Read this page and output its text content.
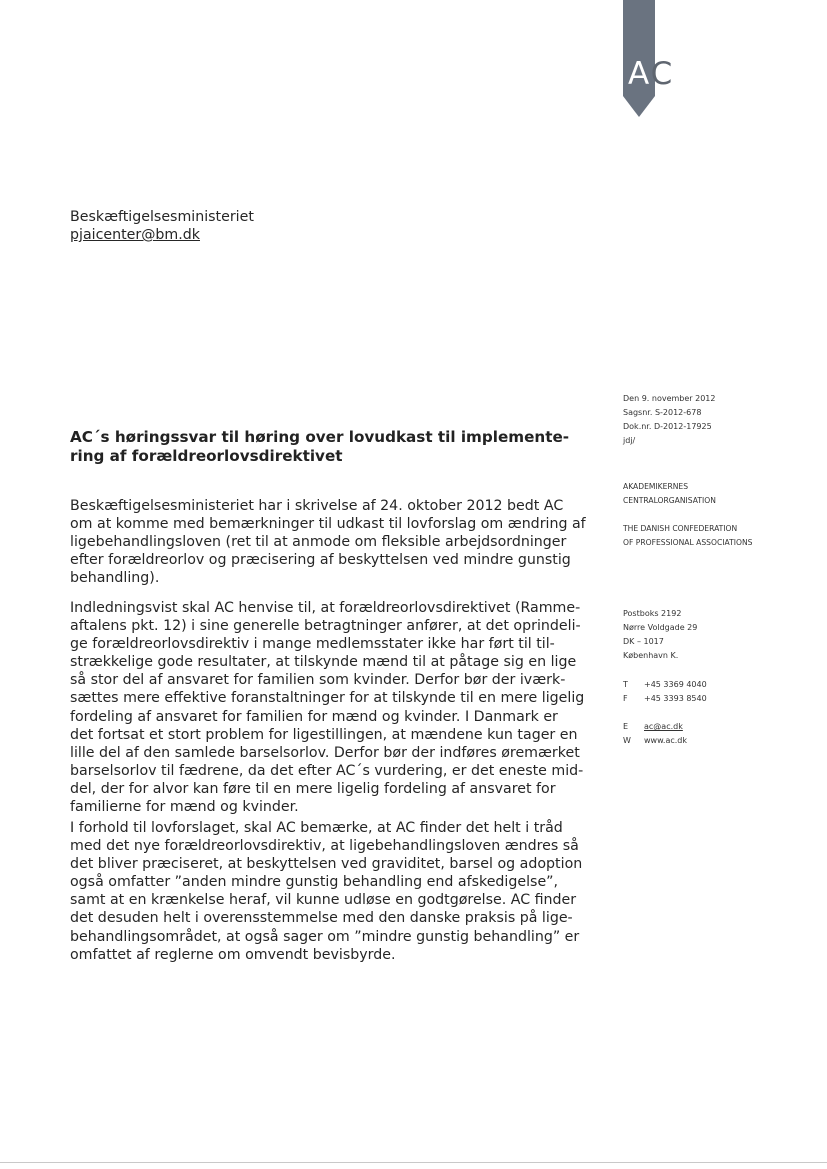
AC
Beskæftigelsesministeriet
pjaicenter@bm.dk
Den 9. november 2012
Sagsnr. S-2012-678
Dok.nr. D-2012-17925
jdj/
AKADEMIKERNES
CENTRALORGANISATION
THE DANISH CONFEDERATION
OF PROFESSIONAL ASSOCIATIONS
Postboks 2192
Nørre Voldgade 29
DK – 1017
København K.
T	+45 3369 4040
F	+45 3393 8540
E	ac@ac.dk
W	www.ac.dk
AC´s høringssvar til høring over lovudkast til implemente-
ring af forældreorlovsdirektivet
Beskæftigelsesministeriet har i skrivelse af 24. oktober 2012 bedt AC
om at komme med bemærkninger til udkast til lovforslag om ændring af
ligebehandlingsloven (ret til at anmode om fleksible arbejdsordninger
efter forældreorlov og præcisering af beskyttelsen ved mindre gunstig
behandling).
Indledningsvist skal AC henvise til, at forældreorlovsdirektivet (Ramme-
aftalens pkt. 12) i sine generelle betragtninger anfører, at det oprindeli-
ge forældreorlovsdirektiv i mange medlemsstater ikke har ført til til-
strækkelige gode resultater, at tilskynde mænd til at påtage sig en lige
så stor del af ansvaret for familien som kvinder. Derfor bør der iværk-
sættes mere effektive foranstaltninger for at tilskynde til en mere ligelig
fordeling af ansvaret for familien for mænd og kvinder. I Danmark er
det fortsat et stort problem for ligestillingen, at mændene kun tager en
lille del af den samlede barselsorlov. Derfor bør der indføres øremærket
barselsorlov til fædrene, da det efter AC´s vurdering, er det eneste mid-
del, der for alvor kan føre til en mere ligelig fordeling af ansvaret for
familierne for mænd og kvinder.
I forhold til lovforslaget, skal AC bemærke, at AC finder det helt i tråd
med det nye forældreorlovsdirektiv, at ligebehandlingsloven ændres så
det bliver præciseret, at beskyttelsen ved graviditet, barsel og adoption
også omfatter ”anden mindre gunstig behandling end afskedigelse”,
samt at en krænkelse heraf, vil kunne udløse en godtgørelse. AC finder
det desuden helt i overensstemmelse med den danske praksis på lige-
behandlingsområdet, at også sager om ”mindre gunstig behandling” er
omfattet af reglerne om omvendt bevisbyrde.
